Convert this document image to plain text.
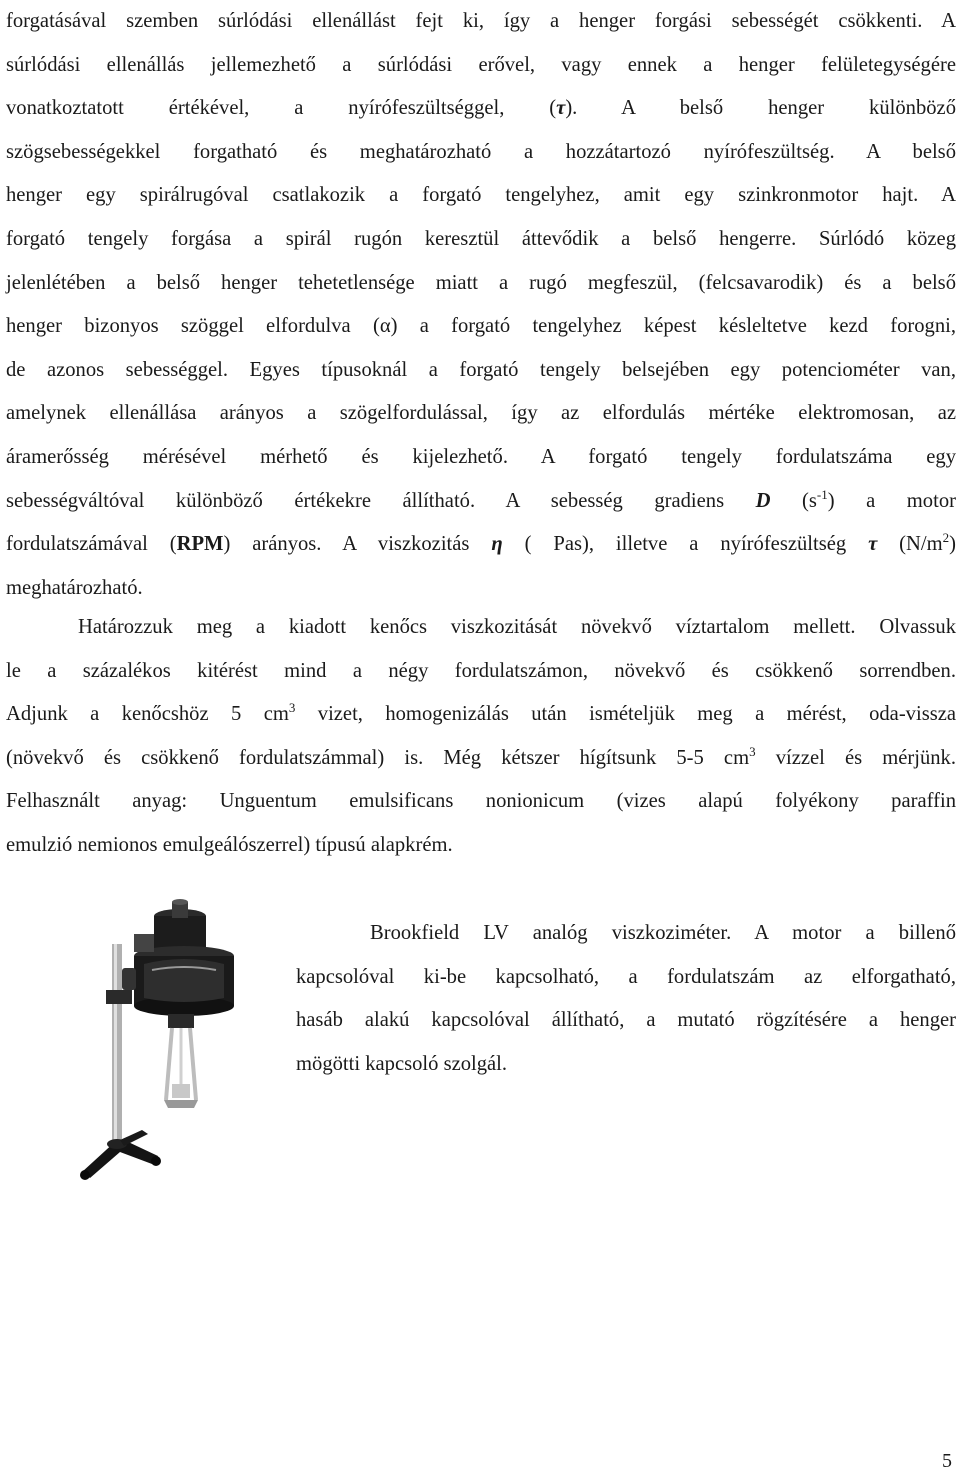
forgatásával szemben súrlódási ellenállást fejt ki, így a henger forgási sebességét csökkenti. A
súrlódási ellenállás jellemezhető a súrlódási erővel, vagy ennek a henger felületegységére
vonatkoztatott értékével, a nyírófeszültséggel, (τ). A belső henger különböző
szögsebességekkel forgatható és meghatározható a hozzátartozó nyírófeszültség. A belső
henger egy spirálrugóval csatlakozik a forgató tengelyhez, amit egy szinkronmotor hajt. A
forgató tengely forgása a spirál rugón keresztül áttevődik a belső hengerre. Súrlódó közeg
jelenlétében a belső henger tehetetlensége miatt a rugó megfeszül, (felcsavarodik) és a belső
henger bizonyos szöggel elfordulva (α) a forgató tengelyhez képest késleltetve kezd forogni,
de azonos sebességgel. Egyes típusoknál a forgató tengely belsejében egy potenciométer van,
amelynek ellenállása arányos a szögelfordulással, így az elfordulás mértéke elektromosan, az
áramerősség mérésével mérhető és kijelezhető. A forgató tengely fordulatszáma egy
sebességváltóval különböző értékekre állítható. A sebesség gradiens D $(s^{-1})$ a motor
fordulatszámával (RPM) arányos. A viszkozitás η ( Pas), illetve a nyírófeszültség τ $(N/m^2)$
meghatározható.
Határozzuk meg a kiadott kenőcs viszkozitását növekvő víztartalom mellett. Olvassuk
le a százalékos kitérést mind a négy fordulatszámon, növekvő és csökkenő sorrendben.
Adjunk a kenőcshöz 5 $cm^3$ vizet, homogenizálás után ismételjük meg a mérést, oda-vissza
(növekvő és csökkenő fordulatszámmal) is. Még kétszer hígítsunk 5-5 $cm^3$ vízzel és mérjünk.
Felhasznált anyag: Unguentum emulsificans nonionicum (vizes alapú folyékony paraffin
emulzió nemionos emulgeálószerrel) típusú alapkrém.
Brookfield LV analóg viszkoziméter. A motor a billenő
kapcsolóval ki-be kapcsolható, a fordulatszám az elforgatható,
hasáb alakú kapcsolóval állítható, a mutató rögzítésére a henger
mögötti kapcsoló szolgál.
5
